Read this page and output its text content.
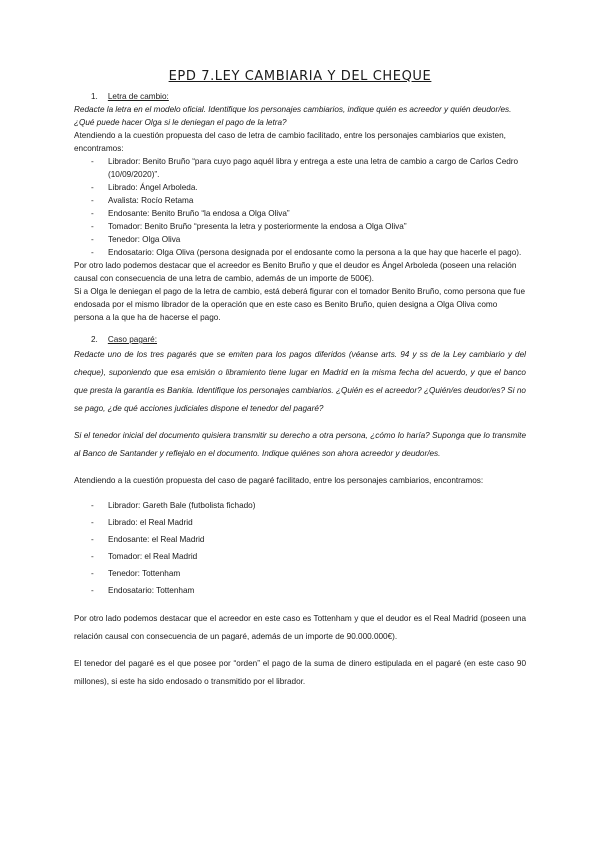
EPD 7.LEY CAMBIARIA Y DEL CHEQUE

1. Letra de cambio:

Redacte la letra en el modelo oficial. Identifique los personajes cambiarios, indique quién es acreedor y quién deudor/es. ¿Qué puede hacer Olga si le deniegan el pago de la letra?

Atendiendo a la cuestión propuesta del caso de letra de cambio facilitado, entre los personajes cambiarios que existen, encontramos:

-	Librador: Benito Bruño “para cuyo pago aquél libra y entrega a este una letra de cambio a cargo de Carlos Cedro (10/09/2020)”.
-	Librado: Ángel Arboleda.
-	Avalista: Rocío Retama
-	Endosante: Benito Bruño “la endosa a Olga Oliva”
-	Tomador: Benito Bruño “presenta la letra y posteriormente la endosa a Olga Oliva”
-	Tenedor: Olga Oliva
-	Endosatario: Olga Oliva (persona designada por el endosante como la persona a la que hay que hacerle el pago).

Por otro lado podemos destacar que el acreedor es Benito Bruño y que el deudor es Ángel Arboleda (poseen una relación causal con consecuencia de una letra de cambio, además de un importe de 500€).

Si a Olga le deniegan el pago de la letra de cambio, está deberá figurar con el tomador Benito Bruño, como persona que fue endosada por el mismo librador de la operación que en este caso es Benito Bruño, quien designa a Olga Oliva como persona a la que ha de hacerse el pago.

2. Caso pagaré:

Redacte uno de los tres pagarés que se emiten para los pagos diferidos (véanse arts. 94 y ss de la Ley cambiario y del cheque), suponiendo que esa emisión o libramiento tiene lugar en Madrid en la misma fecha del acuerdo, y que el banco que presta la garantía es Bankia. Identifique los personajes cambiarios. ¿Quién es el acreedor? ¿Quién/es deudor/es? Si no se pago, ¿de qué acciones judiciales dispone el tenedor del pagaré?

Si el tenedor inicial del documento quisiera transmitir su derecho a otra persona, ¿cómo lo haría? Suponga que lo transmite al Banco de Santander y reflejalo en el documento. Indique quiénes son ahora acreedor y deudor/es.

Atendiendo a la cuestión propuesta del caso de pagaré facilitado, entre los personajes cambiarios, encontramos:

-	Librador: Gareth Bale (futbolista fichado)
-	Librado: el Real Madrid
-	Endosante: el Real Madrid
-	Tomador: el Real Madrid
-	Tenedor: Tottenham
-	Endosatario: Tottenham

Por otro lado podemos destacar que el acreedor en este caso es Tottenham y que el deudor es el Real Madrid (poseen una relación causal con consecuencia de un pagaré, además de un importe de 90.000.000€).

El tenedor del pagaré es el que posee por “orden” el pago de la suma de dinero estipulada en el pagaré (en este caso 90 millones), si este ha sido endosado o transmitido por el librador.
